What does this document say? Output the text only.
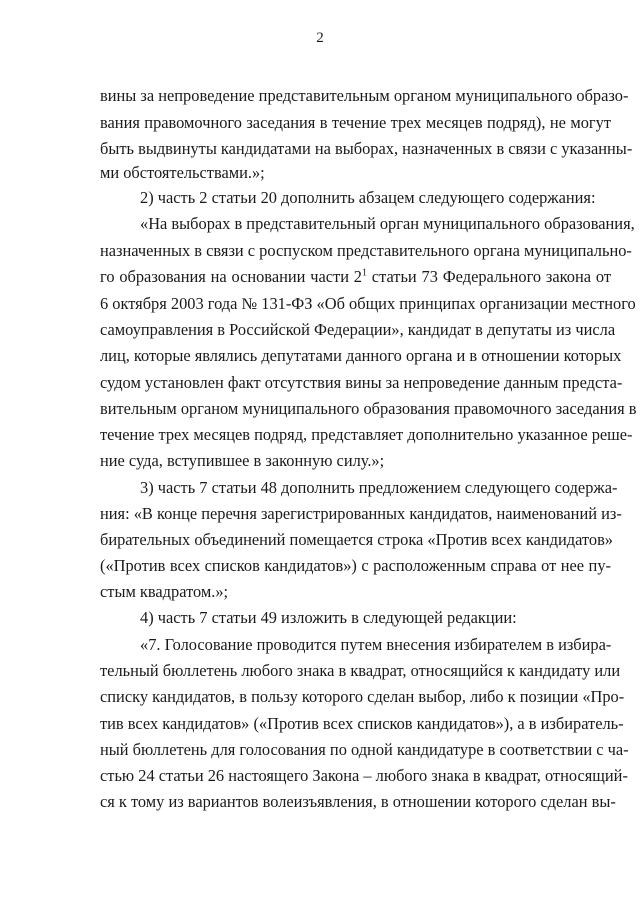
2
вины за непроведение представительным органом муниципального образо-
вания правомочного заседания в течение трех месяцев подряд), не могут
быть выдвинуты кандидатами на выборах, назначенных в связи с указанны-
ми обстоятельствами.»;
2) часть 2 статьи 20 дополнить абзацем следующего содержания:
«На выборах в представительный орган муниципального образования,
назначенных в связи с роспуском представительного органа муниципально-
го образования на основании части $2^1$ статьи 73 Федерального закона от
6 октября 2003 года № 131-ФЗ «Об общих принципах организации местного
самоуправления в Российской Федерации», кандидат в депутаты из числа
лиц, которые являлись депутатами данного органа и в отношении которых
судом установлен факт отсутствия вины за непроведение данным предста-
вительным органом муниципального образования правомочного заседания в
течение трех месяцев подряд, представляет дополнительно указанное реше-
ние суда, вступившее в законную силу.»;
3) часть 7 статьи 48 дополнить предложением следующего содержа-
ния: «В конце перечня зарегистрированных кандидатов, наименований из-
бирательных объединений помещается строка «Против всех кандидатов»
(«Против всех списков кандидатов») с расположенным справа от нее пу-
стым квадратом.»;
4) часть 7 статьи 49 изложить в следующей редакции:
«7. Голосование проводится путем внесения избирателем в избира-
тельный бюллетень любого знака в квадрат, относящийся к кандидату или
списку кандидатов, в пользу которого сделан выбор, либо к позиции «Про-
тив всех кандидатов» («Против всех списков кандидатов»), а в избиратель-
ный бюллетень для голосования по одной кандидатуре в соответствии с ча-
стью 24 статьи 26 настоящего Закона – любого знака в квадрат, относящий-
ся к тому из вариантов волеизъявления, в отношении которого сделан вы-
